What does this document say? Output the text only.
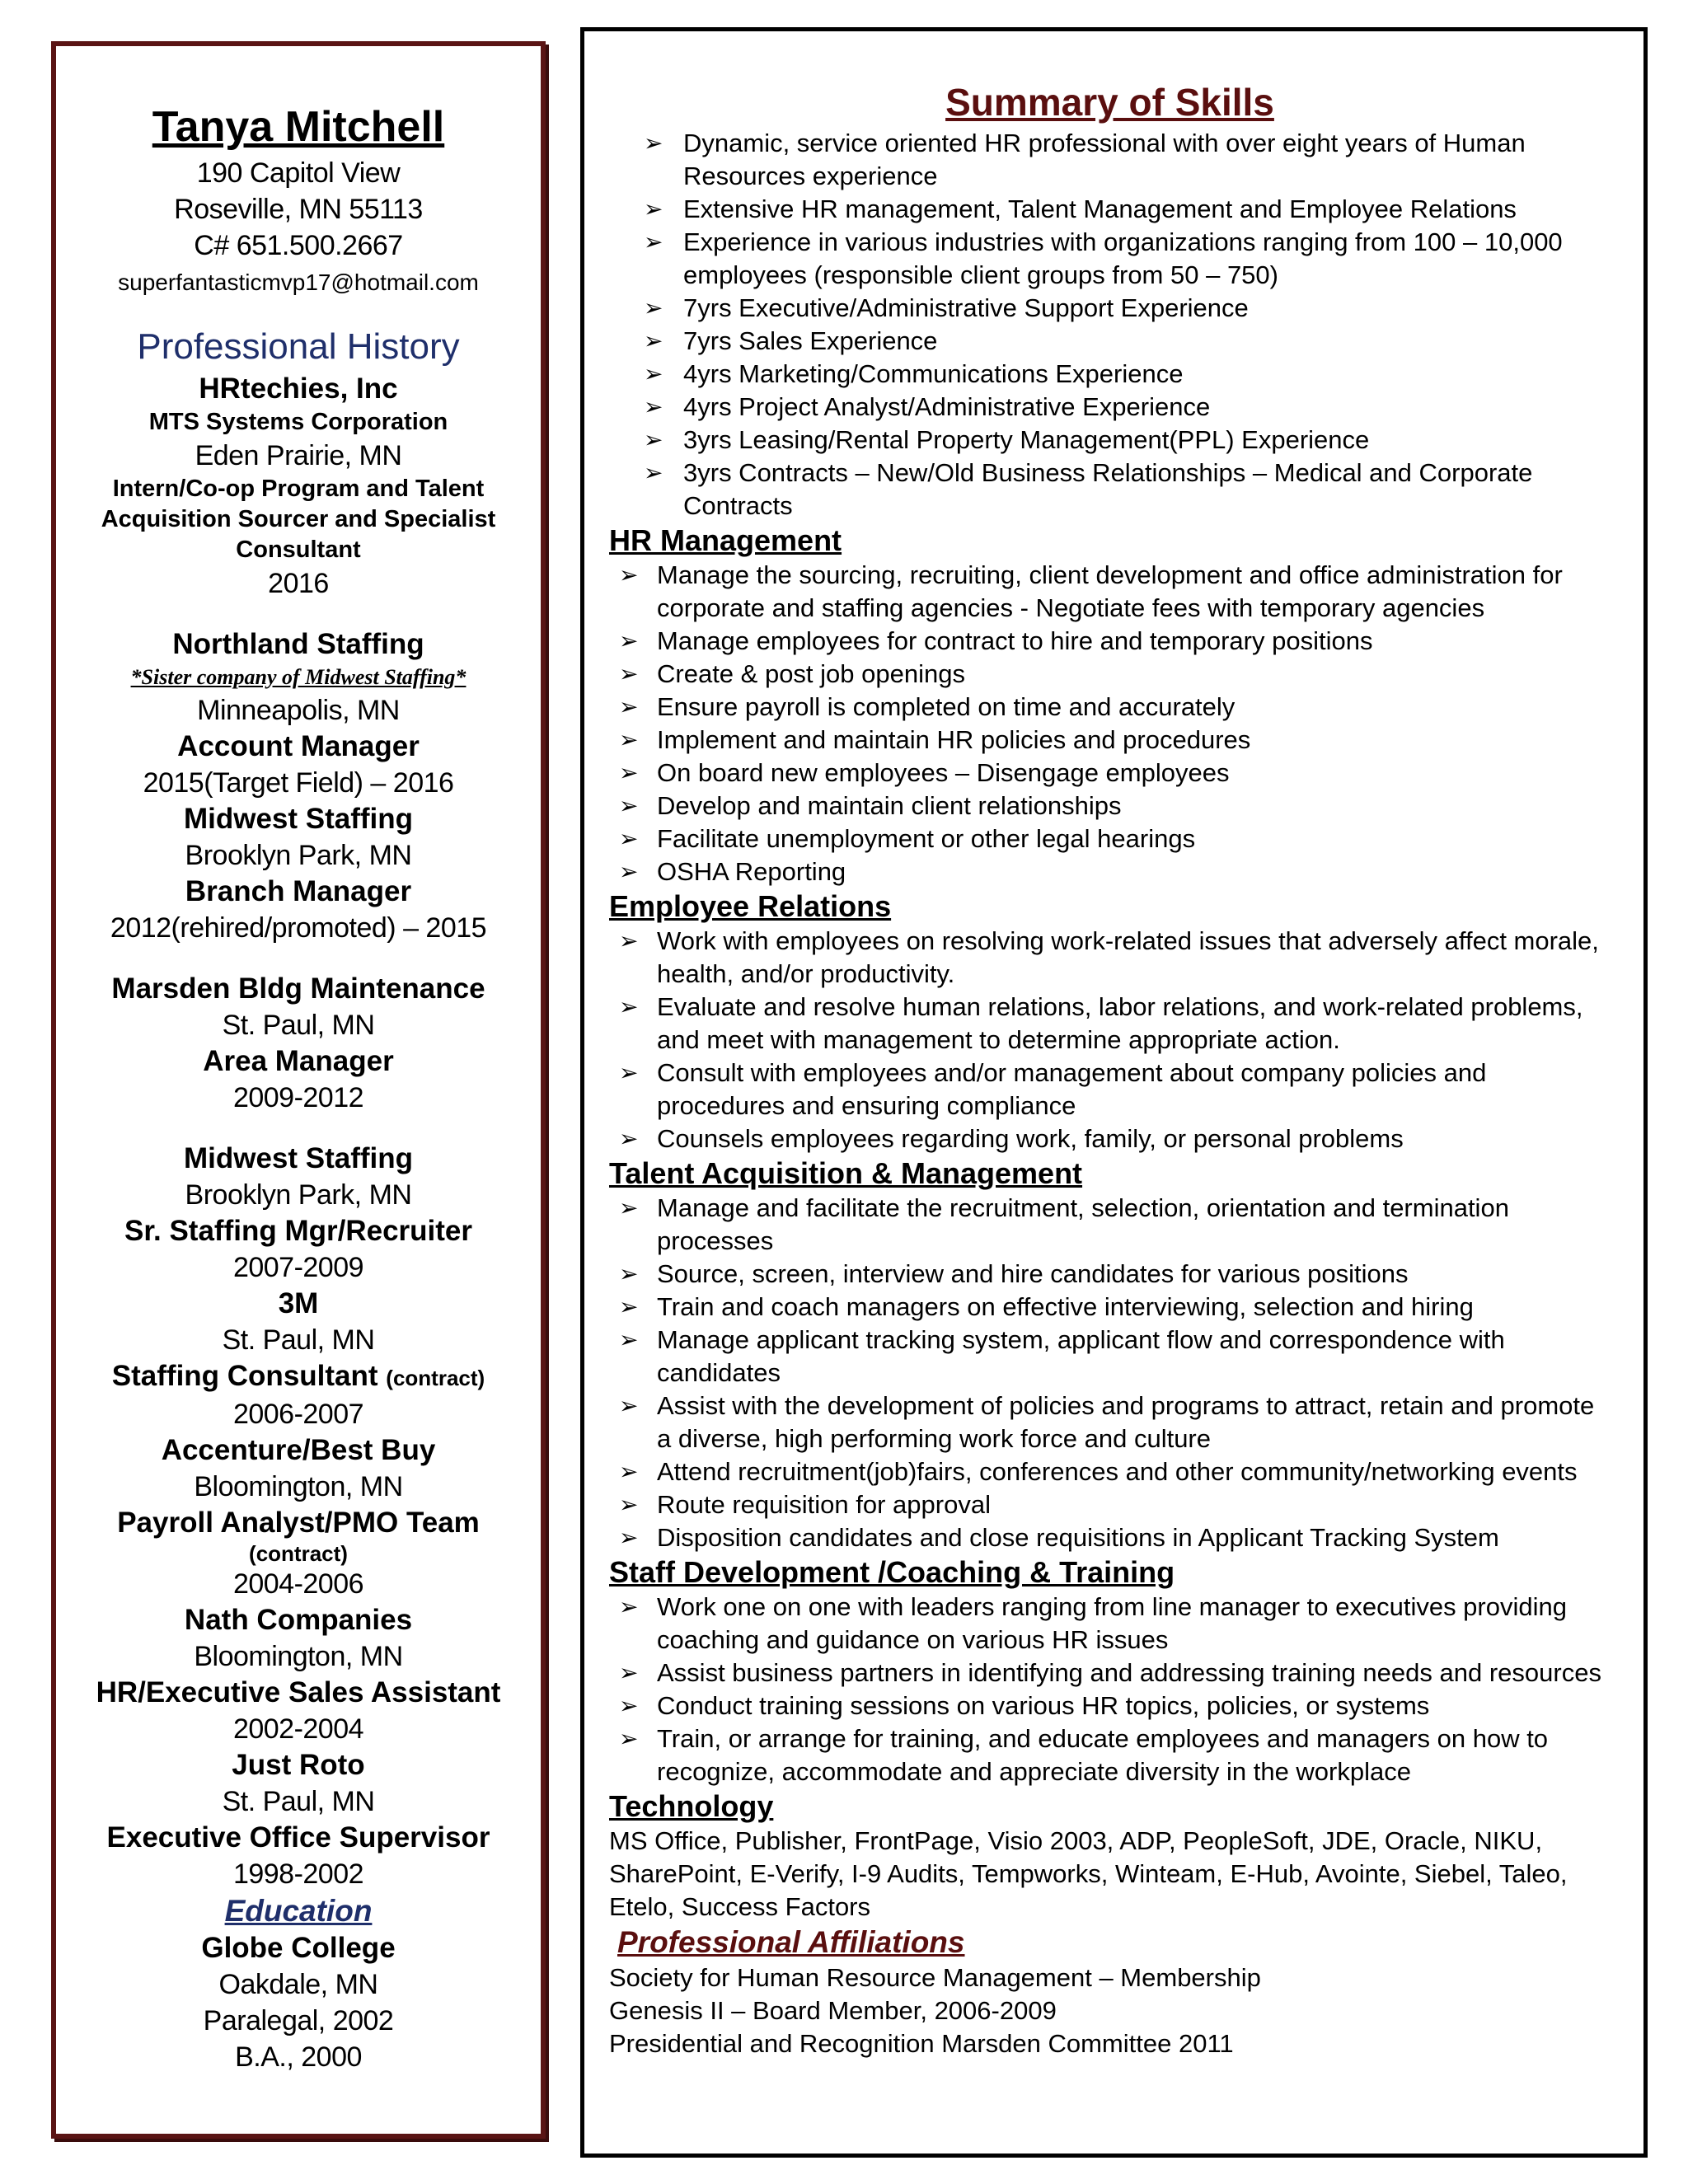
Tanya Mitchell
190 Capitol View
Roseville, MN 55113
C# 651.500.2667
superfantasticmvp17@hotmail.com
Professional History
HRtechies, Inc
MTS Systems Corporation
Eden Prairie, MN
Intern/Co-op Program and Talent Acquisition Sourcer and Specialist Consultant
2016
Northland Staffing
*Sister company of Midwest Staffing*
Minneapolis, MN
Account Manager
2015(Target Field) – 2016
Midwest Staffing
Brooklyn Park, MN
Branch Manager
2012(rehired/promoted) – 2015
Marsden Bldg Maintenance
St. Paul, MN
Area Manager
2009-2012
Midwest Staffing
Brooklyn Park, MN
Sr. Staffing Mgr/Recruiter
2007-2009
3M
St. Paul, MN
Staffing Consultant (contract)
2006-2007
Accenture/Best Buy
Bloomington, MN
Payroll Analyst/PMO Team
(contract)
2004-2006
Nath Companies
Bloomington, MN
HR/Executive Sales Assistant
2002-2004
Just Roto
St. Paul, MN
Executive Office Supervisor
1998-2002
Education
Globe College
Oakdale, MN
Paralegal, 2002
B.A., 2000
Summary of Skills
➢ Dynamic, service oriented HR professional with over eight years of Human Resources experience
➢ Extensive HR management, Talent Management and Employee Relations
➢ Experience in various industries with organizations ranging from 100 – 10,000 employees (responsible client groups from 50 – 750)
➢ 7yrs Executive/Administrative Support Experience
➢ 7yrs Sales Experience
➢ 4yrs Marketing/Communications Experience
➢ 4yrs Project Analyst/Administrative Experience
➢ 3yrs Leasing/Rental Property Management(PPL) Experience
➢ 3yrs Contracts – New/Old Business Relationships – Medical and Corporate Contracts
HR Management
➢ Manage the sourcing, recruiting, client development and office administration for corporate and staffing agencies - Negotiate fees with temporary agencies
➢ Manage employees for contract to hire and temporary positions
➢ Create & post job openings
➢ Ensure payroll is completed on time and accurately
➢ Implement and maintain HR policies and procedures
➢ On board new employees – Disengage employees
➢ Develop and maintain client relationships
➢ Facilitate unemployment or other legal hearings
➢ OSHA Reporting
Employee Relations
➢ Work with employees on resolving work-related issues that adversely affect morale, health, and/or productivity.
➢ Evaluate and resolve human relations, labor relations, and work-related problems, and meet with management to determine appropriate action.
➢ Consult with employees and/or management about company policies and procedures and ensuring compliance
➢ Counsels employees regarding work, family, or personal problems
Talent Acquisition & Management
➢ Manage and facilitate the recruitment, selection, orientation and termination processes
➢ Source, screen, interview and hire candidates for various positions
➢ Train and coach managers on effective interviewing, selection and hiring
➢ Manage applicant tracking system, applicant flow and correspondence with candidates
➢ Assist with the development of policies and programs to attract, retain and promote a diverse, high performing work force and culture
➢ Attend recruitment(job)fairs, conferences and other community/networking events
➢ Route requisition for approval
➢ Disposition candidates and close requisitions in Applicant Tracking System
Staff Development /Coaching & Training
➢ Work one on one with leaders ranging from line manager to executives providing coaching and guidance on various HR issues
➢ Assist business partners in identifying and addressing training needs and resources
➢ Conduct training sessions on various HR topics, policies, or systems
➢ Train, or arrange for training, and educate employees and managers on how to recognize, accommodate and appreciate diversity in the workplace
Technology
MS Office, Publisher, FrontPage, Visio 2003, ADP, PeopleSoft, JDE, Oracle, NIKU, SharePoint, E-Verify, I-9 Audits, Tempworks, Winteam, E-Hub, Avointe, Siebel, Taleo, Etelo, Success Factors
Professional Affiliations
Society for Human Resource Management – Membership
Genesis II – Board Member, 2006-2009
Presidential and Recognition Marsden Committee 2011
